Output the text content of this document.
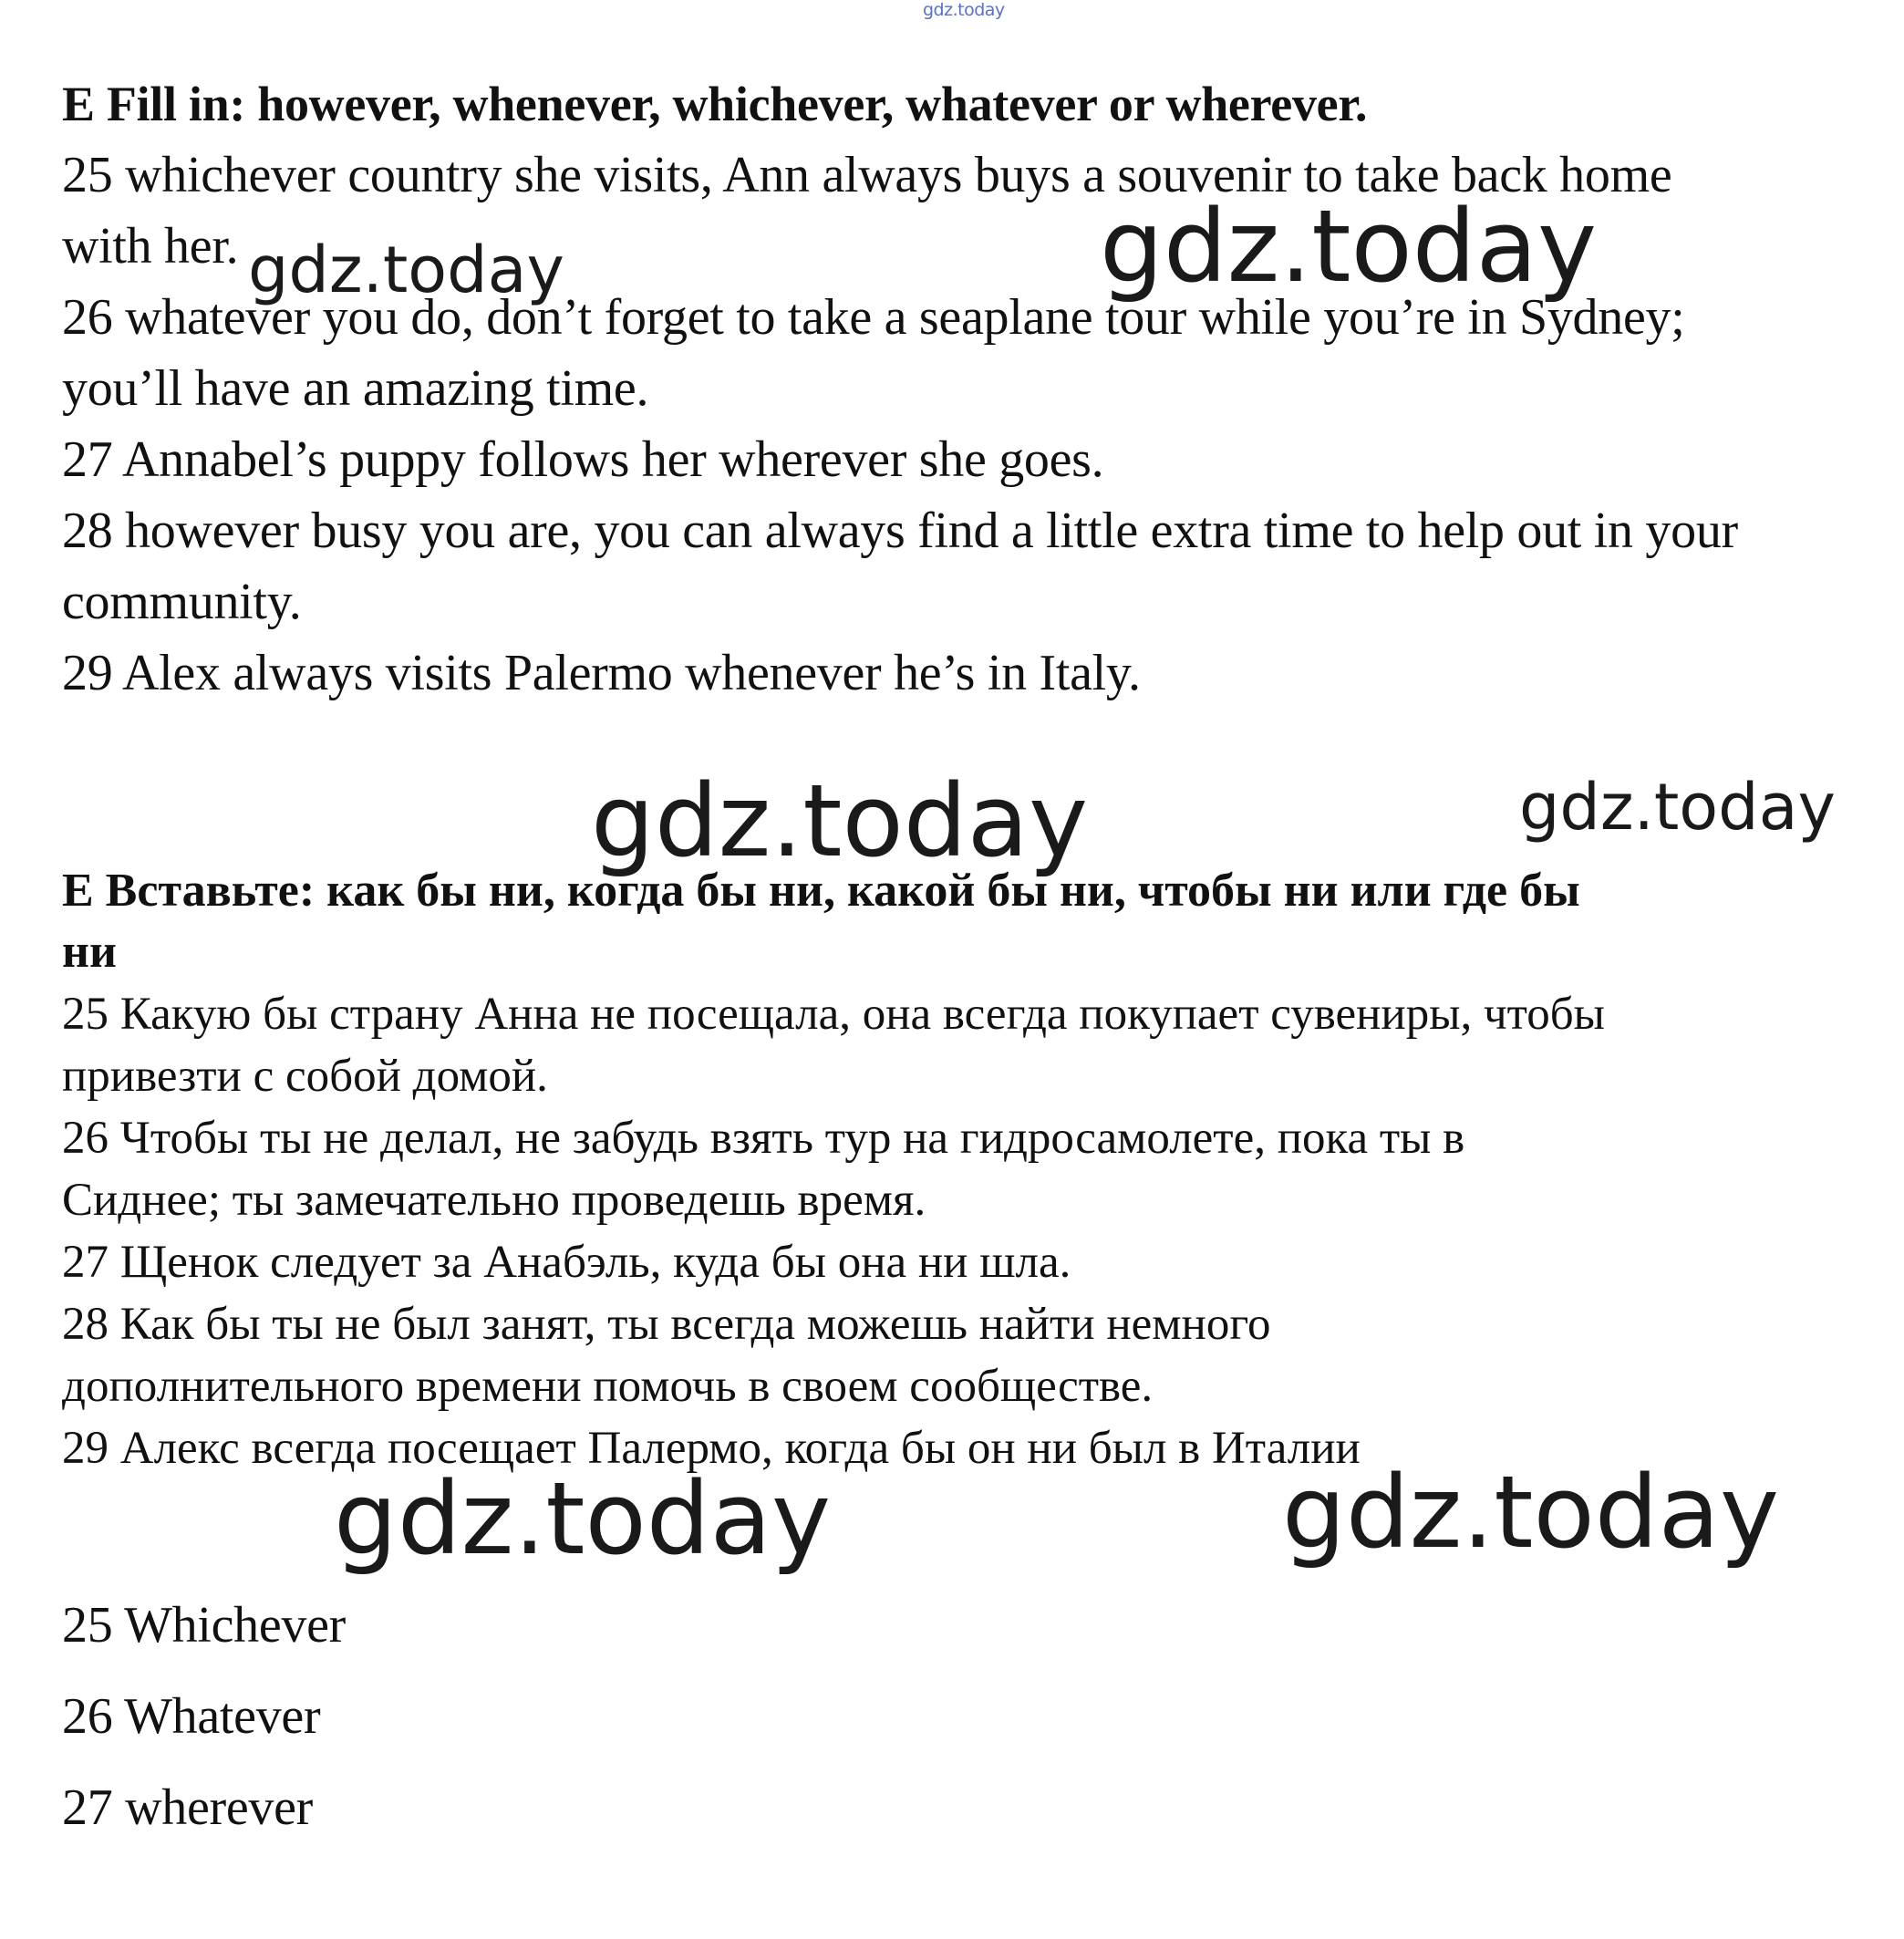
gdz.today
E Fill in: however, whenever, whichever, whatever or wherever.
25 whichever country she visits, Ann always buys a souvenir to take back home
with her.
26 whatever you do, don’t forget to take a seaplane tour while you’re in Sydney;
you’ll have an amazing time.
27 Annabel’s puppy follows her wherever she goes.
28 however busy you are, you can always find a little extra time to help out in your
community.
29 Alex always visits Palermo whenever he’s in Italy.
Е Вставьте: как бы ни, когда бы ни, какой бы ни, чтобы ни или где бы
ни
25 Какую бы страну Анна не посещала, она всегда покупает сувениры, чтобы
привезти с собой домой.
26 Чтобы ты не делал, не забудь взять тур на гидросамолете, пока ты в
Сиднее; ты замечательно проведешь время.
27 Щенок следует за Анабэль, куда бы она ни шла.
28 Как бы ты не был занят, ты всегда можешь найти немного
дополнительного времени помочь в своем сообществе.
29 Алекс всегда посещает Палермо, когда бы он ни был в Италии
25 Whichever
26 Whatever
27 wherever
gdz.today	gdz.today
gdz.today	gdz.today
gdz.today	gdz.today
